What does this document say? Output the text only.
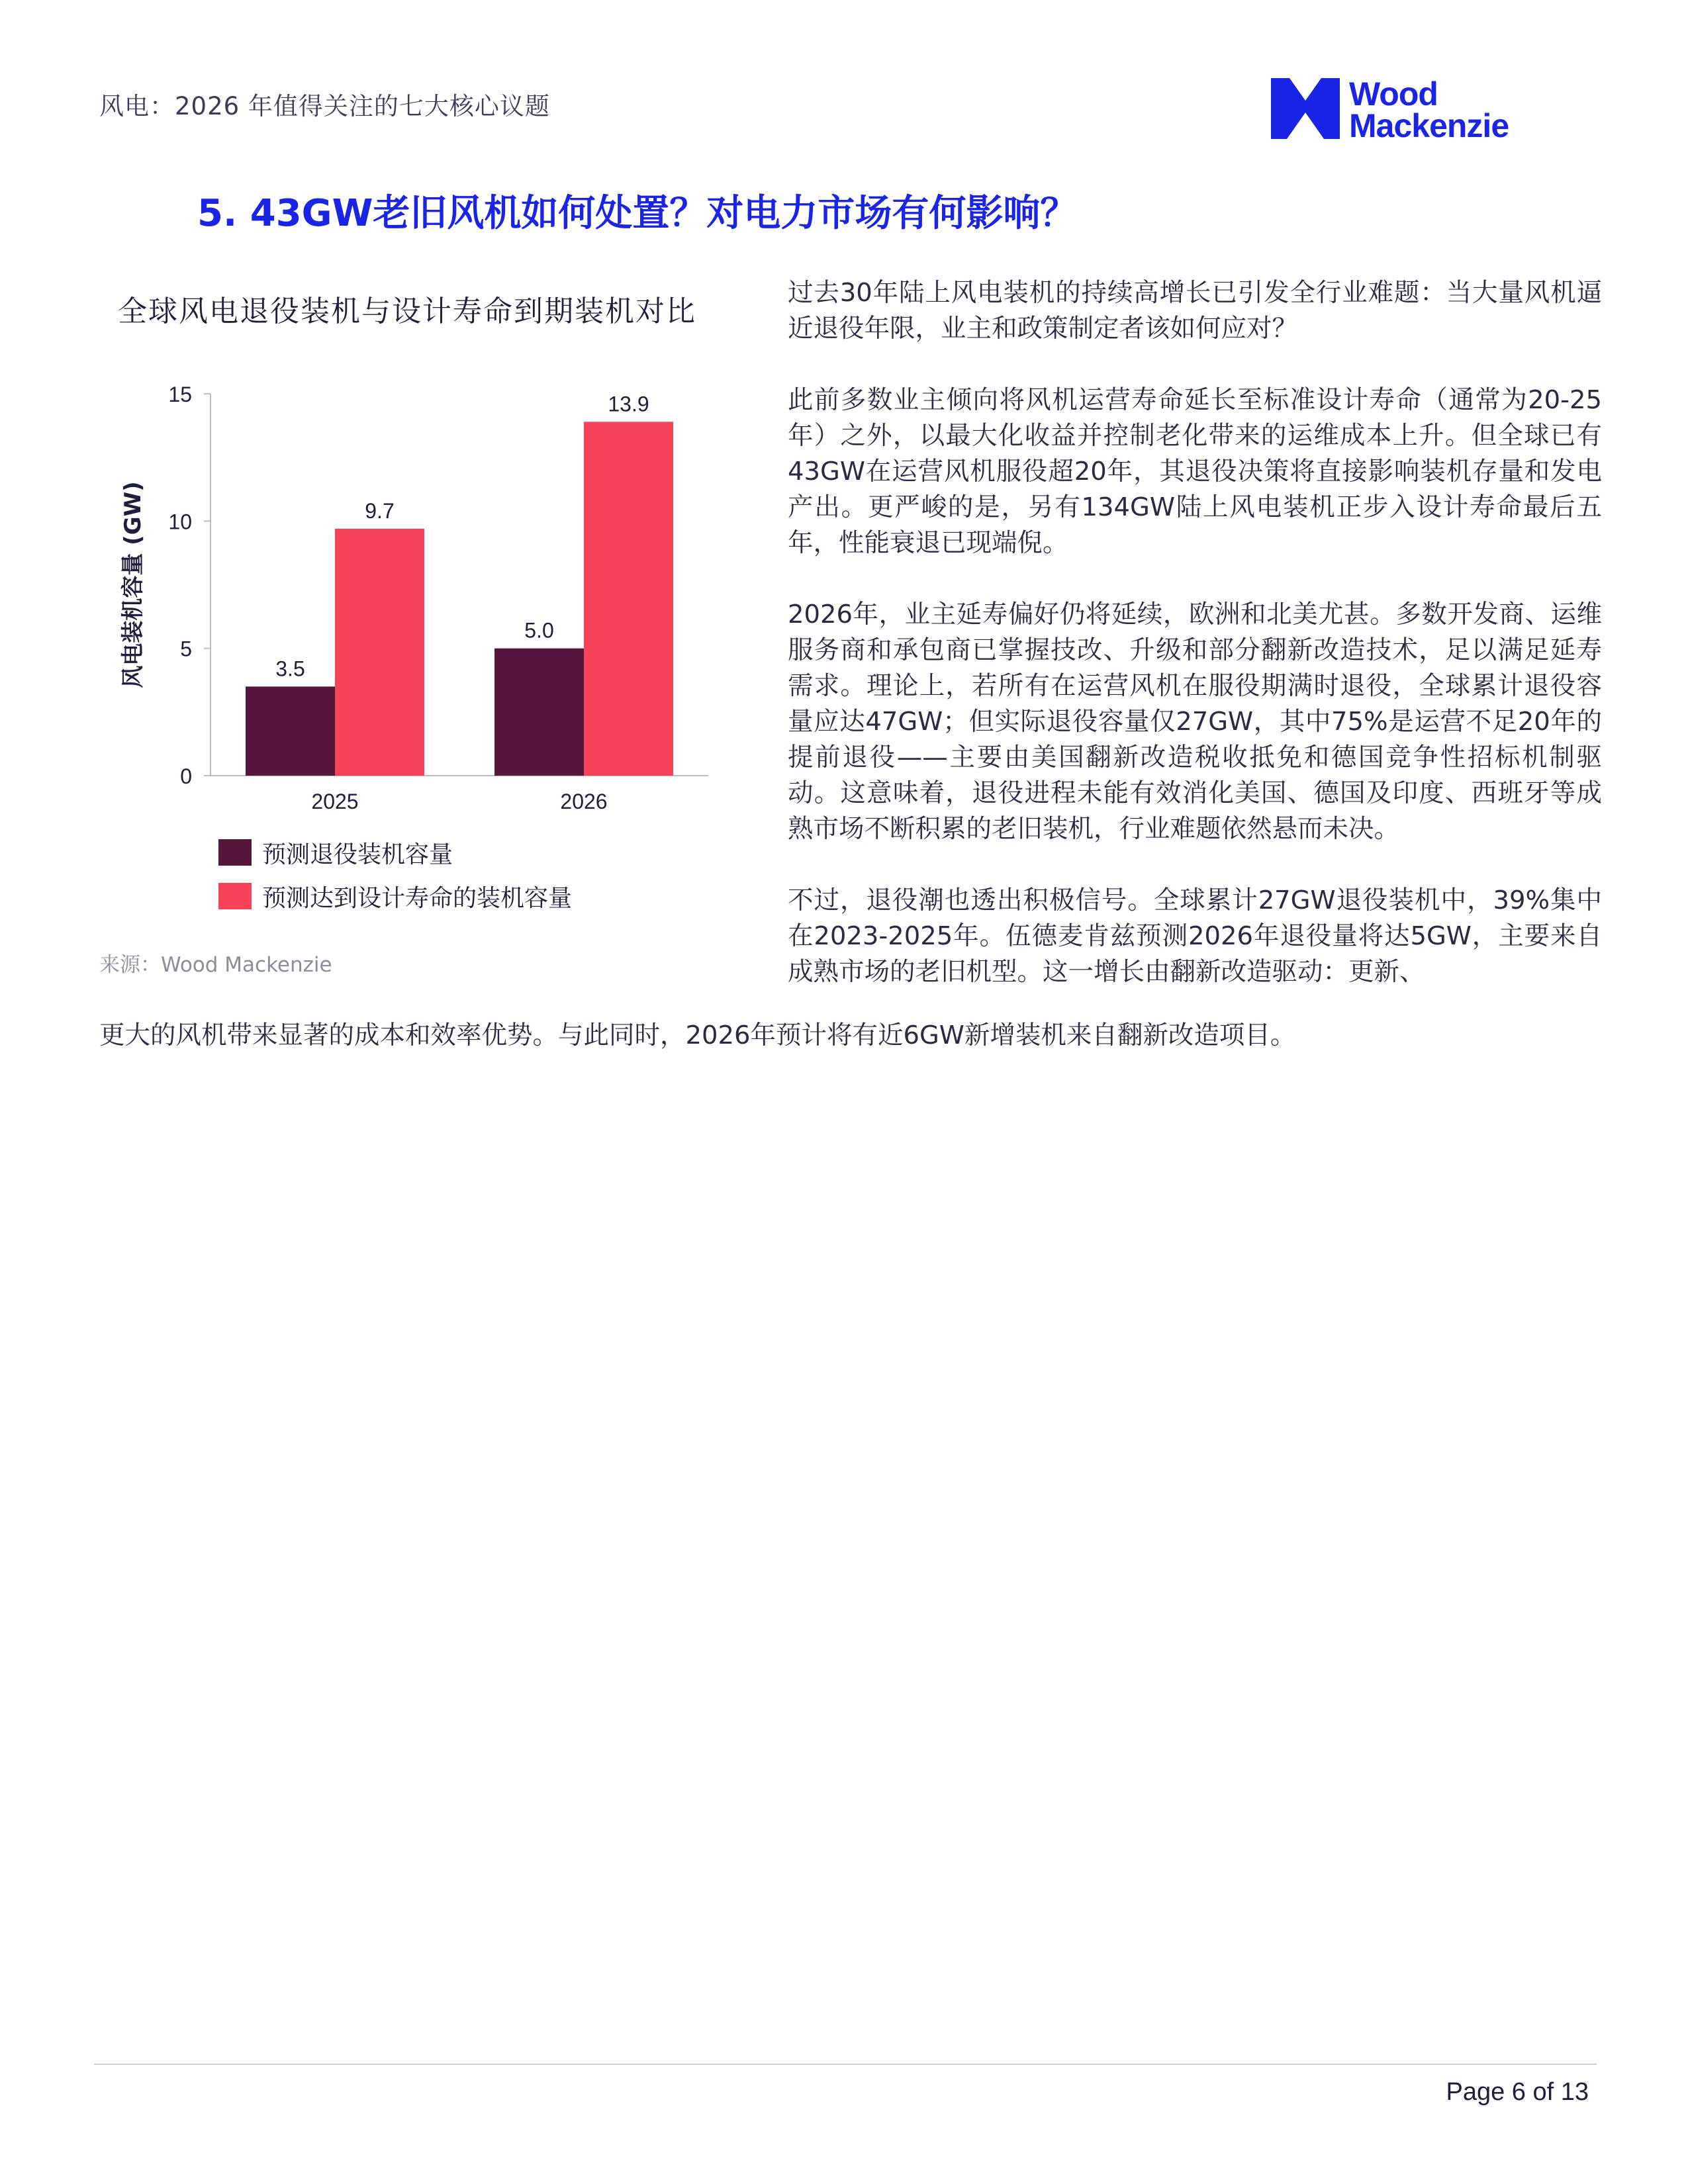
风电：2026 年值得关注的七大核心议题	Wood
Mackenzie
5. 43GW老旧风机如何处置？对电力市场有何影响？
全球风电退役装机与设计寿命到期装机对比
0
5
10
15
风电装机容量 (GW)	3.5
9.7
2025
5.0
13.9
2026
预测退役装机容量
预测达到设计寿命的装机容量
来源：Wood Mackenzie

过去30年陆上风电装机的持续高增长已引发全行业难题：当大量风机逼近退役年限，业主和政策制定者该如何应对？

此前多数业主倾向将风机运营寿命延长至标准设计寿命（通常为20-25年）之外，以最大化收益并控制老化带来的运维成本上升。但全球已有43GW在运营风机服役超20年，其退役决策将直接影响装机存量和发电产出。更严峻的是，另有134GW陆上风电装机正步入设计寿命最后五年，性能衰退已现端倪。

2026年，业主延寿偏好仍将延续，欧洲和北美尤甚。多数开发商、运维服务商和承包商已掌握技改、升级和部分翻新改造技术，足以满足延寿需求。理论上，若所有在运营风机在服役期满时退役，全球累计退役容量应达47GW；但实际退役容量仅27GW，其中75%是运营不足20年的提前退役——主要由美国翻新改造税收抵免和德国竞争性招标机制驱动。这意味着，退役进程未能有效消化美国、德国及印度、西班牙等成熟市场不断积累的老旧装机，行业难题依然悬而未决。

不过，退役潮也透出积极信号。全球累计27GW退役装机中，39%集中在2023-2025年。伍德麦肯兹预测2026年退役量将达5GW，主要来自成熟市场的老旧机型。这一增长由翻新改造驱动：更新、

更大的风机带来显著的成本和效率优势。与此同时，2026年预计将有近6GW新增装机来自翻新改造项目。
Page 6 of 13
